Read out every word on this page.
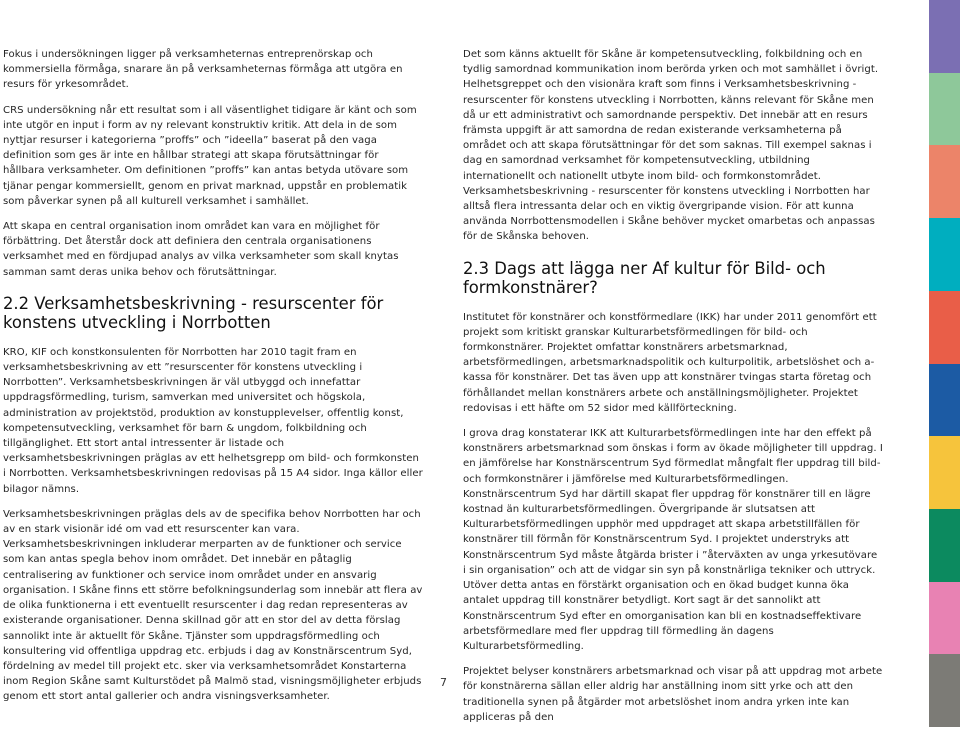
Fokus i undersökningen ligger på verksamheternas entreprenörskap och kommersiella förmåga, snarare än på verksamheternas förmåga att utgöra en resurs för yrkesområdet.

CRS undersökning når ett resultat som i all väsentlighet tidigare är känt och som inte utgör en input i form av ny relevant konstruktiv kritik. Att dela in de som nyttjar resurser i kategorierna ”proffs” och ”ideella” baserat på den vaga definition som ges är inte en hållbar strategi att skapa förutsättningar för hållbara verksamheter. Om definitionen ”proffs” kan antas betyda utövare som tjänar pengar kommersiellt, genom en privat marknad, uppstår en problematik som påverkar synen på all kulturell verksamhet i samhället.

Att skapa en central organisation inom området kan vara en möjlighet för förbättring. Det återstår dock att definiera den centrala organisationens verksamhet med en fördjupad analys av vilka verksamheter som skall knytas samman samt deras unika behov och förutsättningar.

2.2 Verksamhetsbeskrivning - resurscenter för konstens utveckling i Norrbotten

KRO, KIF och konstkonsulenten för Norrbotten har 2010 tagit fram en verksamhetsbeskrivning av ett ”resurscenter för konstens utveckling i Norrbotten”. Verksamhetsbeskrivningen är väl utbyggd och innefattar uppdragsförmedling, turism, samverkan med universitet och högskola, administration av projektstöd, produktion av konstupplevelser, offentlig konst, kompetensutveckling, verksamhet för barn & ungdom, folkbildning och tillgänglighet. Ett stort antal intressenter är listade och verksamhetsbeskrivningen präglas av ett helhetsgrepp om bild- och formkonsten i Norrbotten. Verksamhetsbeskrivningen redovisas på 15 A4 sidor. Inga källor eller bilagor nämns.

Verksamhetsbeskrivningen präglas dels av de specifika behov Norrbotten har och av en stark visionär idé om vad ett resurscenter kan vara. Verksamhetsbeskrivningen inkluderar merparten av de funktioner och service som kan antas spegla behov inom området. Det innebär en påtaglig centralisering av funktioner och service inom området under en ansvarig organisation. I Skåne finns ett större befolkningsunderlag som innebär att flera av de olika funktionerna i ett eventuellt resurscenter i dag redan representeras av existerande organisationer. Denna skillnad gör att en stor del av detta förslag sannolikt inte är aktuellt för Skåne. Tjänster som uppdragsförmedling och konsultering vid offentliga uppdrag etc. erbjuds i dag av Konstnärscentrum Syd, fördelning av medel till projekt etc. sker via verksamhetsområdet Konstarterna inom Region Skåne samt Kulturstödet på Malmö stad, visningsmöjligheter erbjuds genom ett stort antal gallerier och andra visningsverksamheter.

Det som känns aktuellt för Skåne är kompetensutveckling, folkbildning och en tydlig samordnad kommunikation inom berörda yrken och mot samhället i övrigt. Helhetsgreppet och den visionära kraft som finns i Verksamhetsbeskrivning -resurscenter för konstens utveckling i Norrbotten, känns relevant för Skåne men då ur ett administrativt och samordnande perspektiv. Det innebär att en resurs främsta uppgift är att samordna de redan existerande verksamheterna på området och att skapa förutsättningar för det som saknas. Till exempel saknas i dag en samordnad verksamhet för kompetensutveckling, utbildning internationellt och nationellt utbyte inom bild- och formkonstområdet. Verksamhetsbeskrivning - resurscenter för konstens utveckling i Norrbotten har alltså flera intressanta delar och en viktig övergripande vision. För att kunna använda Norrbottensmodellen i Skåne behöver mycket omarbetas och anpassas för de Skånska behoven.

2.3 Dags att lägga ner Af kultur för Bild- och formkonstnärer?

Institutet för konstnärer och konstförmedlare (IKK) har under 2011 genomfört ett projekt som kritiskt granskar Kulturarbetsförmedlingen för bild- och formkonstnärer. Projektet omfattar konstnärers arbetsmarknad, arbetsförmedlingen, arbetsmarknadspolitik och kulturpolitik, arbetslöshet och a-kassa för konstnärer. Det tas även upp att konstnärer tvingas starta företag och förhållandet mellan konstnärers arbete och anställningsmöjligheter. Projektet redovisas i ett häfte om 52 sidor med källförteckning.

I grova drag konstaterar IKK att Kulturarbetsförmedlingen inte har den effekt på konstnärers arbetsmarknad som önskas i form av ökade möjligheter till uppdrag. I en jämförelse har Konstnärscentrum Syd förmedlat mångfalt fler uppdrag till bild- och formkonstnärer i jämförelse med Kulturarbetsförmedlingen. Konstnärscentrum Syd har därtill skapat fler uppdrag för konstnärer till en lägre kostnad än kulturarbetsförmedlingen. Övergripande är slutsatsen att Kulturarbetsförmedlingen upphör med uppdraget att skapa arbetstillfällen för konstnärer till förmån för Konstnärscentrum Syd. I projektet understryks att Konstnärscentrum Syd måste åtgärda brister i ”återväxten av unga yrkesutövare i sin organisation” och att de vidgar sin syn på konstnärliga tekniker och uttryck. Utöver detta antas en förstärkt organisation och en ökad budget kunna öka antalet uppdrag till konstnärer betydligt. Kort sagt är det sannolikt att Konstnärscentrum Syd efter en omorganisation kan bli en kostnadseffektivare arbetsförmedlare med fler uppdrag till förmedling än dagens Kulturarbetsförmedling.

Projektet belyser konstnärers arbetsmarknad och visar på att uppdrag mot arbete för konstnärerna sällan eller aldrig har anställning inom sitt yrke och att den traditionella synen på åtgärder mot arbetslöshet inom andra yrken inte kan appliceras på den

7
